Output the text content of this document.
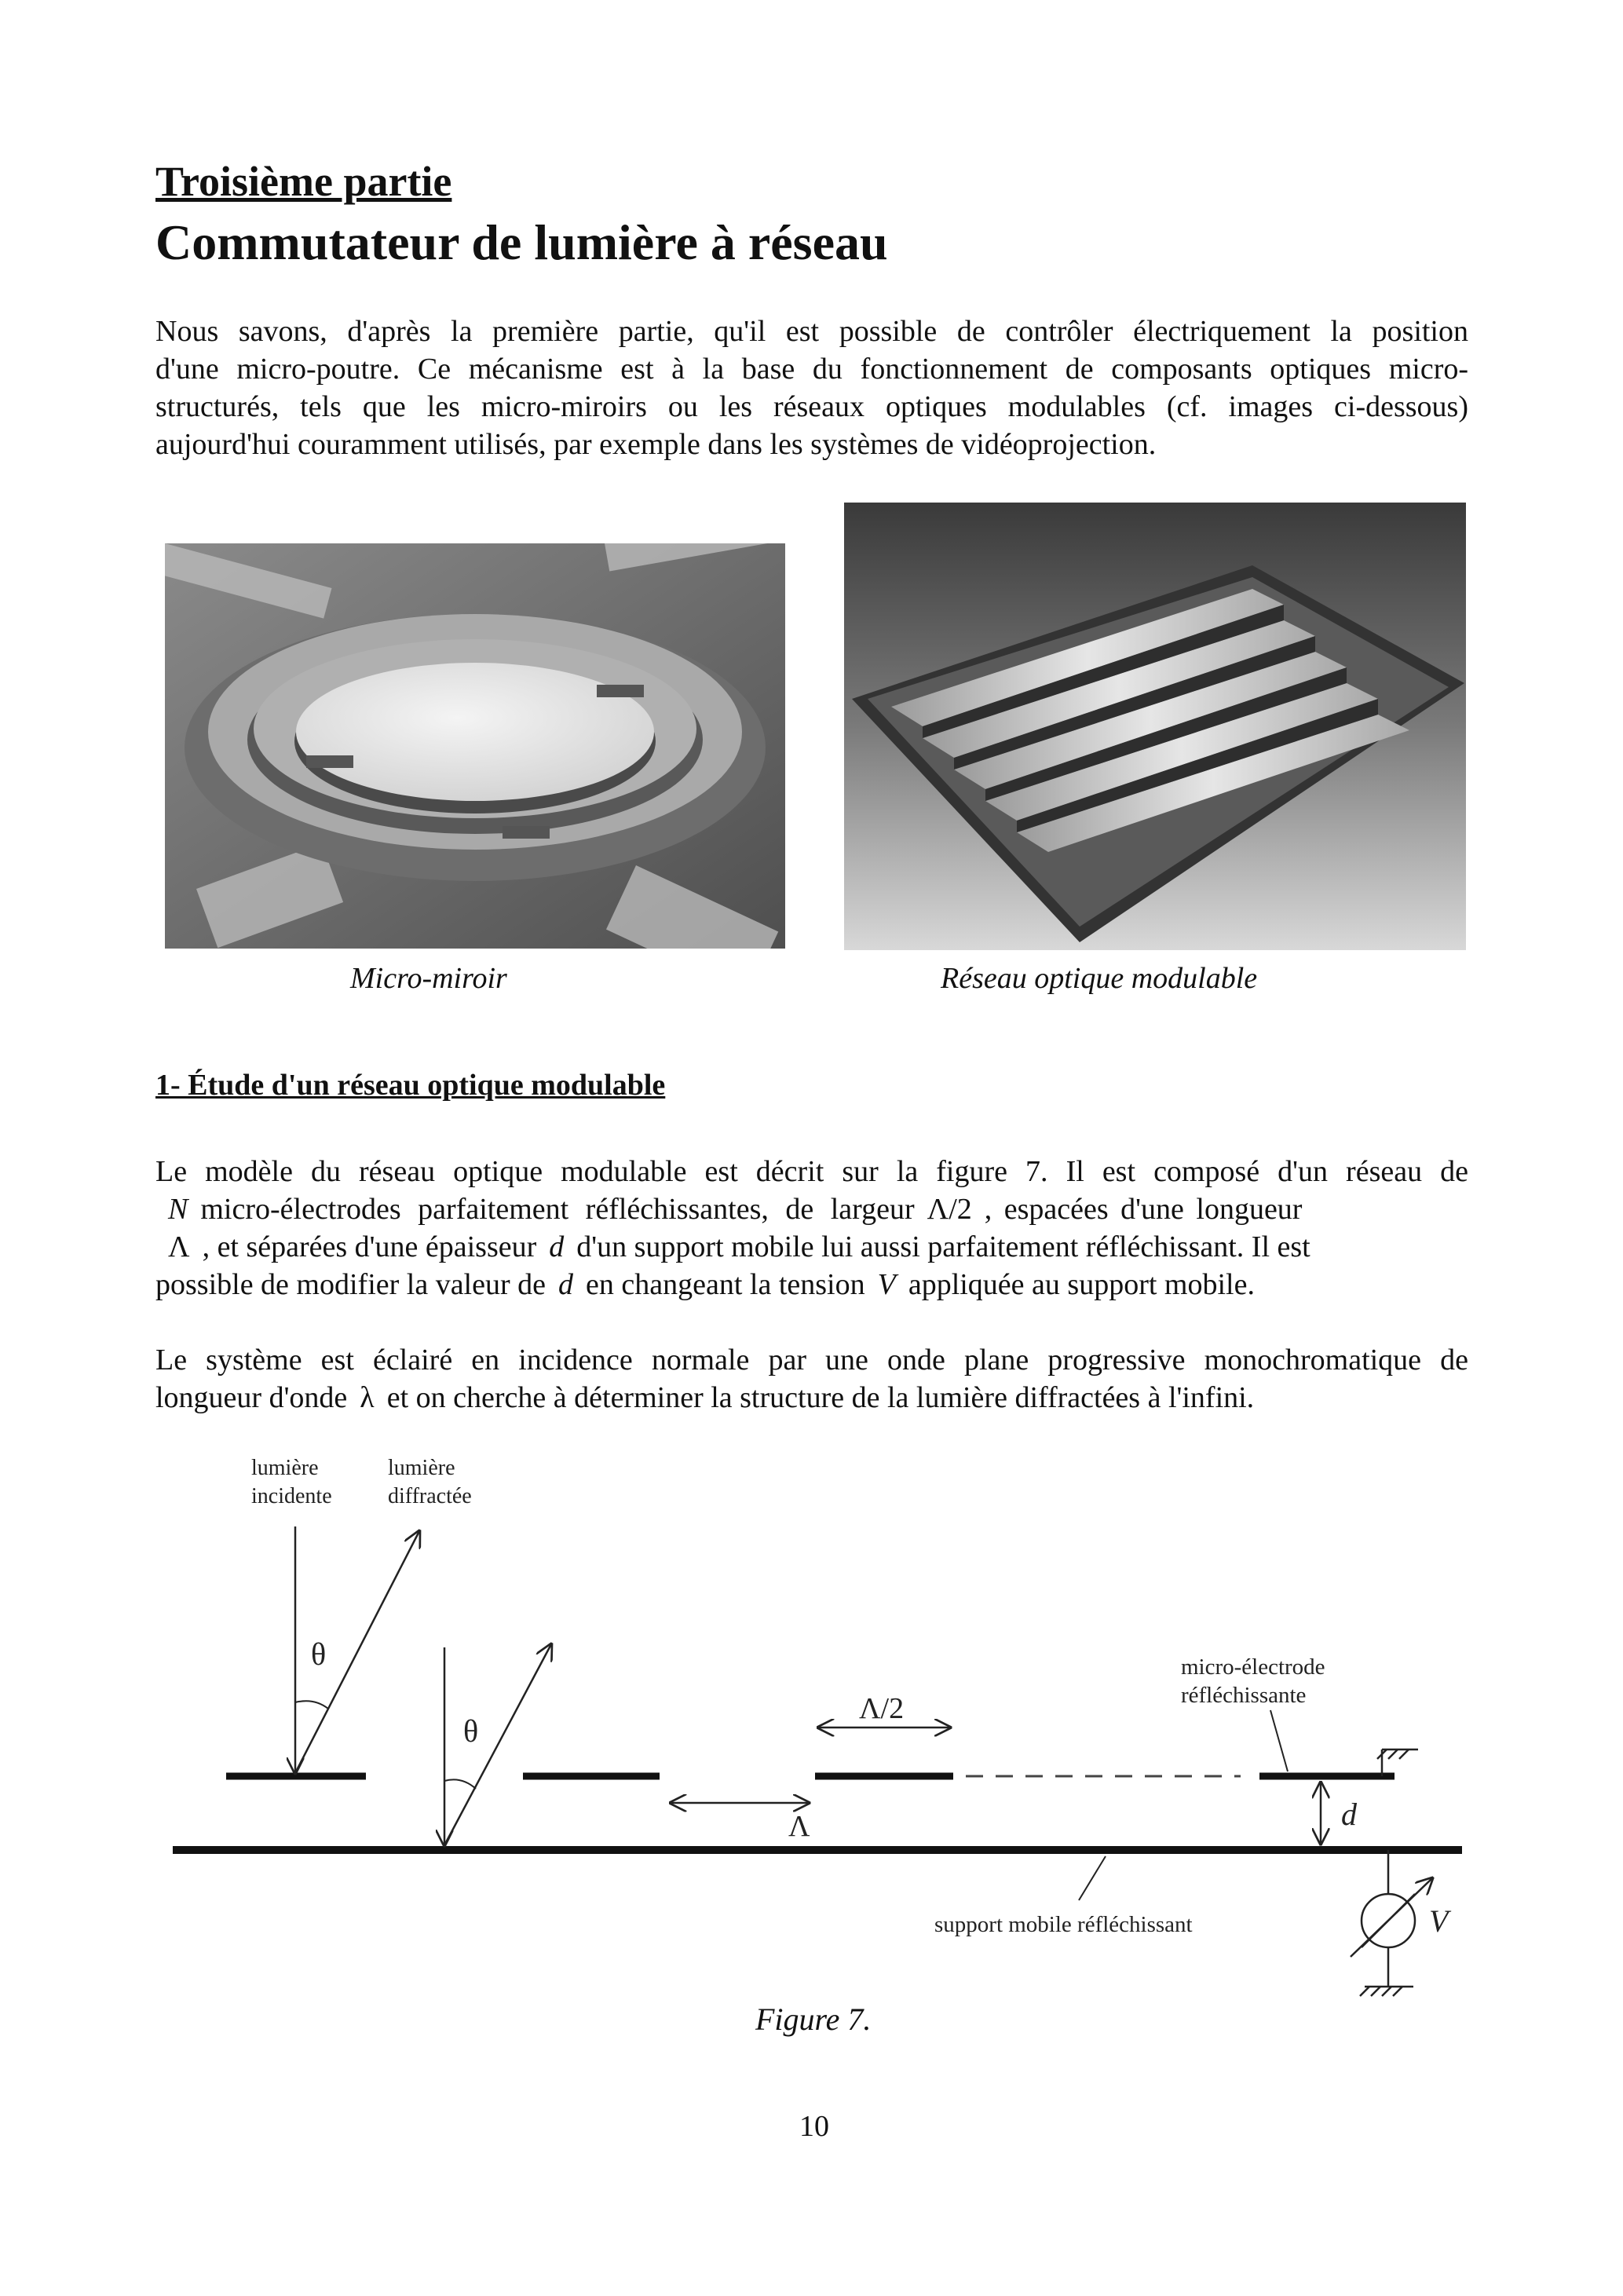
Troisième partie
Commutateur de lumière à réseau
Nous savons, d'après la première partie, qu'il est possible de contrôler électriquement la position
d'une micro-poutre. Ce mécanisme est à la base du fonctionnement de composants optiques micro-
structurés, tels que les micro-miroirs ou les réseaux optiques modulables (cf. images ci-dessous)
aujourd'hui couramment utilisés, par exemple dans les systèmes de vidéoprojection.
Micro-miroir	Réseau optique modulable
1- Étude d'un réseau optique modulable
Le modèle du réseau optique modulable est décrit sur la figure 7. Il est composé d'un réseau de
N micro-électrodes parfaitement réfléchissantes, de largeur Λ/2 , espacées d'une longueur
Λ , et séparées d'une épaisseur d d'un support mobile lui aussi parfaitement réfléchissant. Il est
possible de modifier la valeur de d en changeant la tension V appliquée au support mobile.
Le système est éclairé en incidence normale par une onde plane progressive monochromatique de
longueur d'onde λ et on cherche à déterminer la structure de la lumière diffractées à l'infini.
lumière
incidente
lumière
diffractée
θ
θ
Λ/2
Λ
micro-électrode
réfléchissante
d
support mobile réfléchissant	V
Figure 7.
10
